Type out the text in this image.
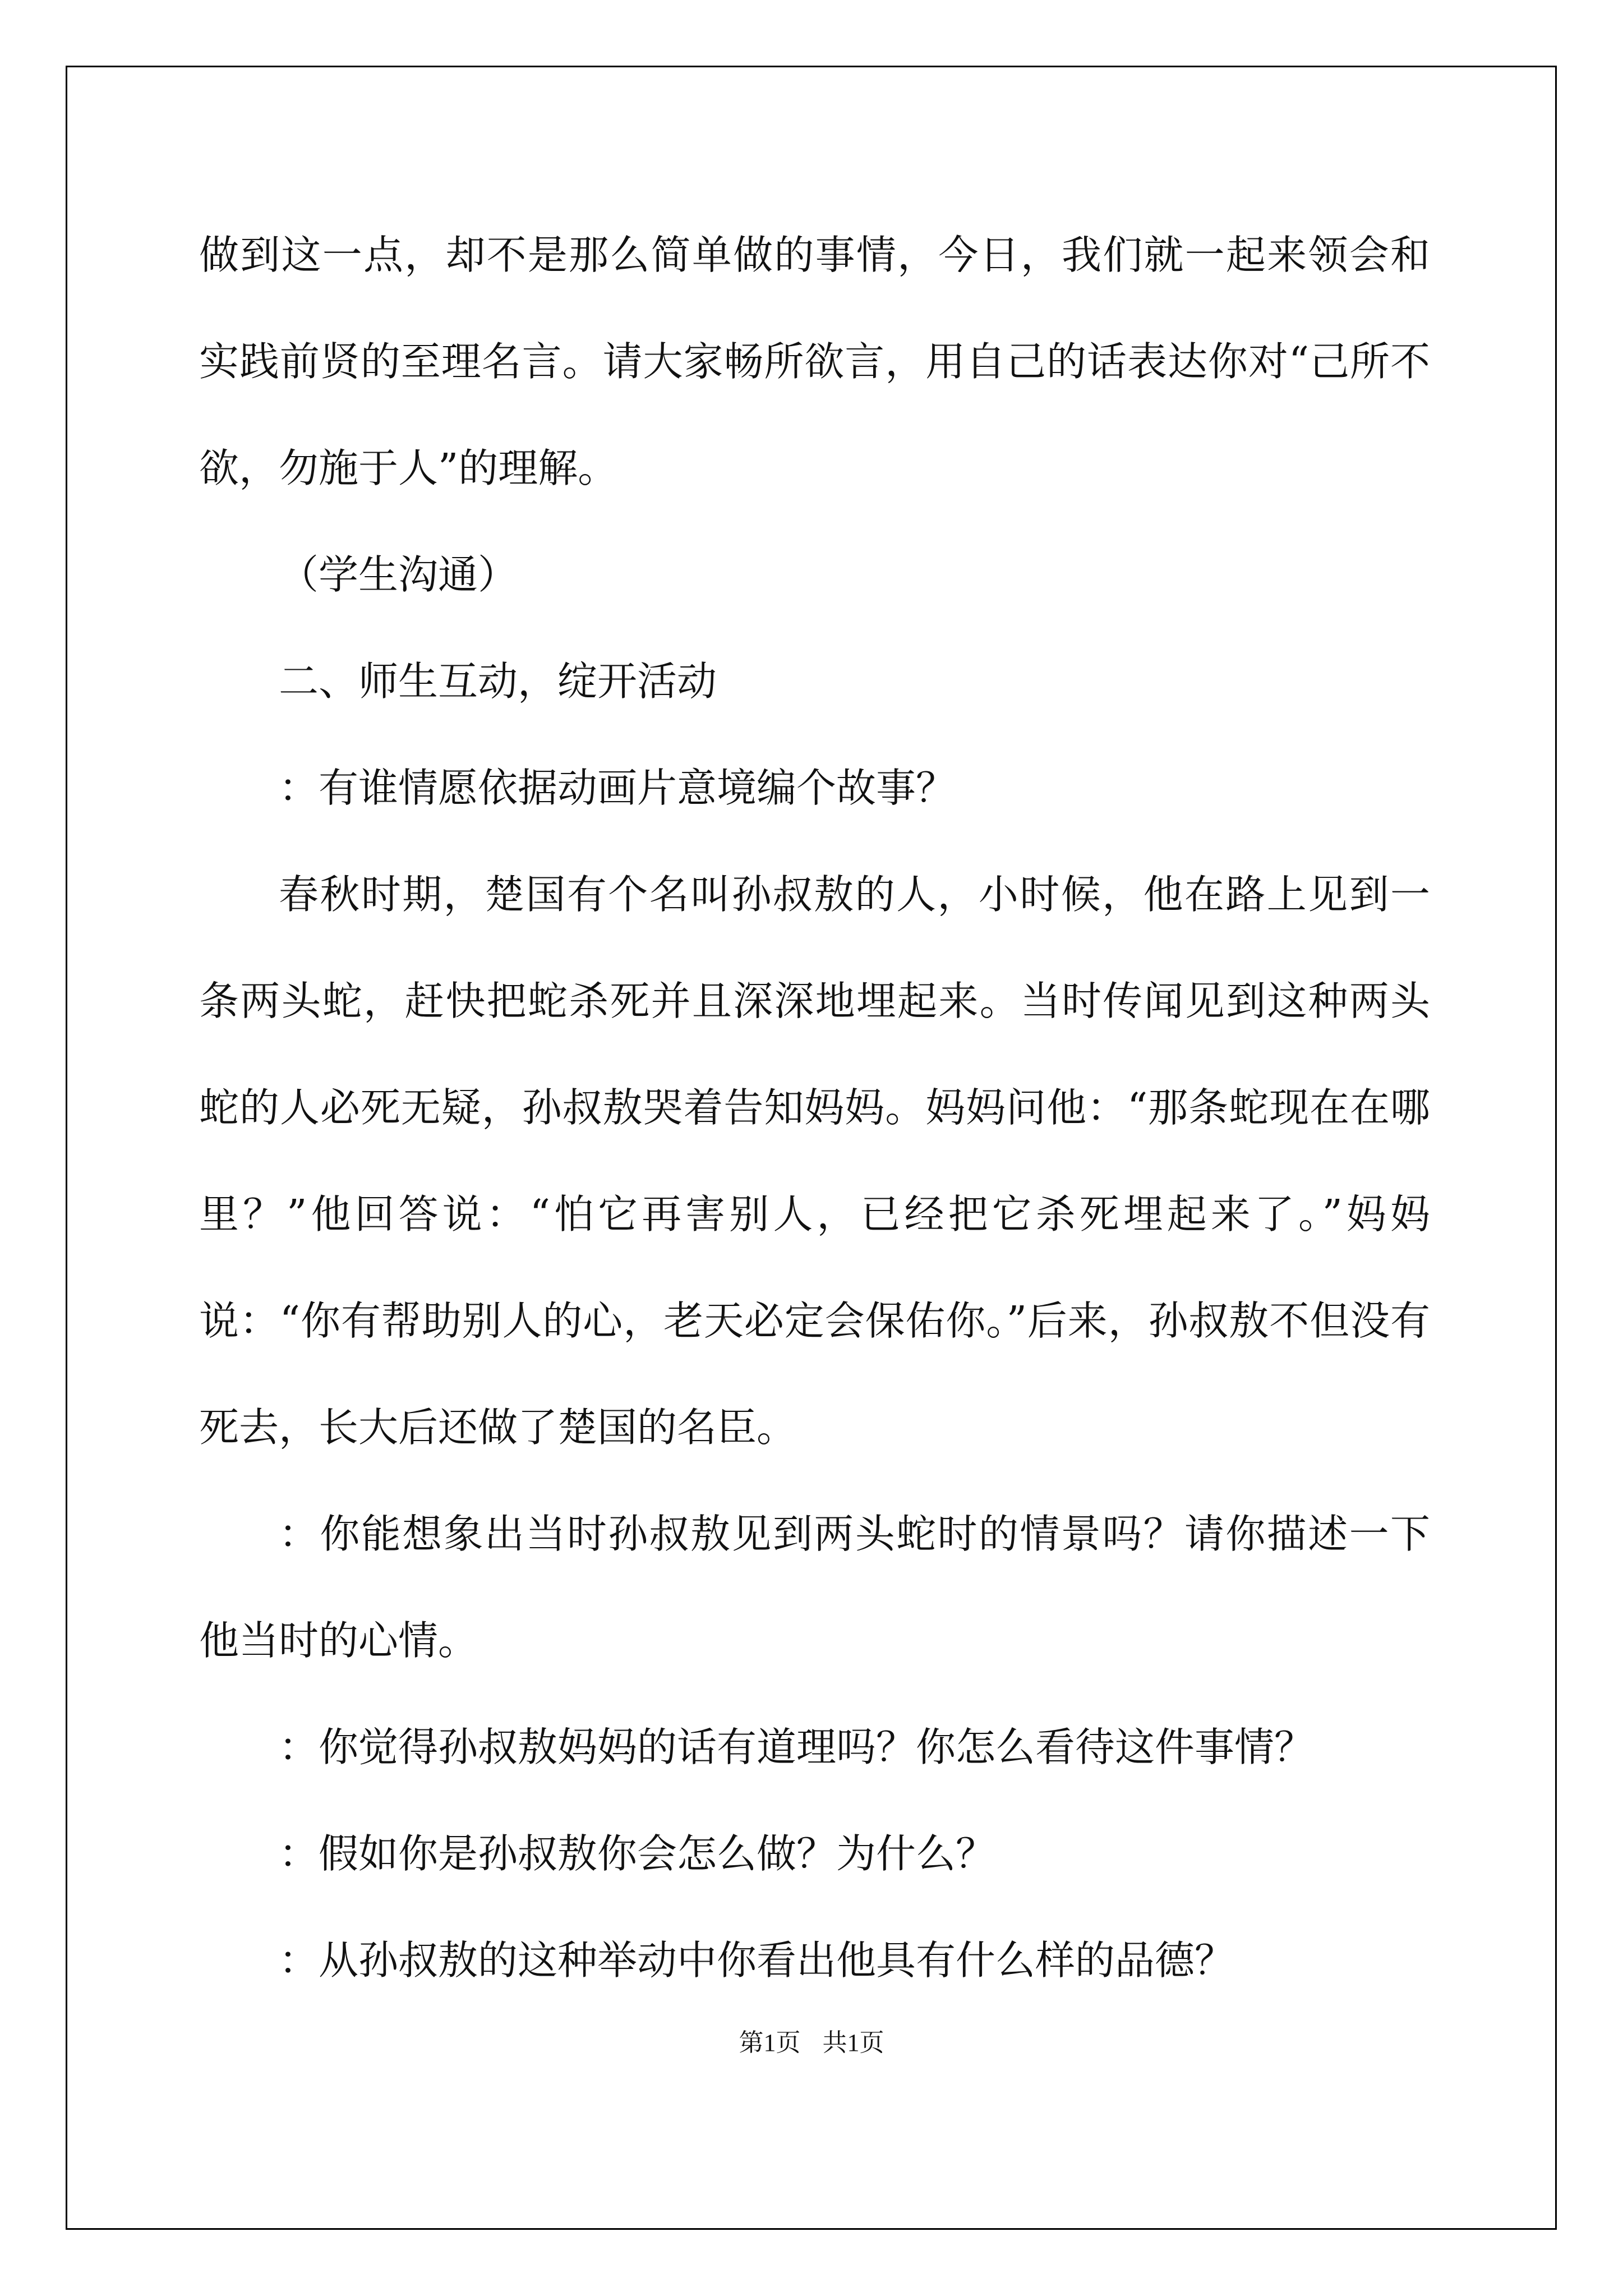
做到这一点，却不是那么简单做的事情，今日，我们就一起来领会和实践前贤的至理名言。请大家畅所欲言，用自己的话表达你对“己所不欲，勿施于人”的理解。

（学生沟通）

二、师生互动，绽开活动

：有谁情愿依据动画片意境编个故事？

春秋时期，楚国有个名叫孙叔敖的人，小时候，他在路上见到一条两头蛇，赶快把蛇杀死并且深深地埋起来。当时传闻见到这种两头蛇的人必死无疑，孙叔敖哭着告知妈妈。妈妈问他：“那条蛇现在在哪里？”他回答说：“怕它再害别人，已经把它杀死埋起来了。”妈妈说：“你有帮助别人的心，老天必定会保佑你。”后来，孙叔敖不但没有死去，长大后还做了楚国的名臣。

：你能想象出当时孙叔敖见到两头蛇时的情景吗？请你描述一下他当时的心情。

：你觉得孙叔敖妈妈的话有道理吗？你怎么看待这件事情？

：假如你是孙叔敖你会怎么做？为什么？

：从孙叔敖的这种举动中你看出他具有什么样的品德？

第1页 共1页
